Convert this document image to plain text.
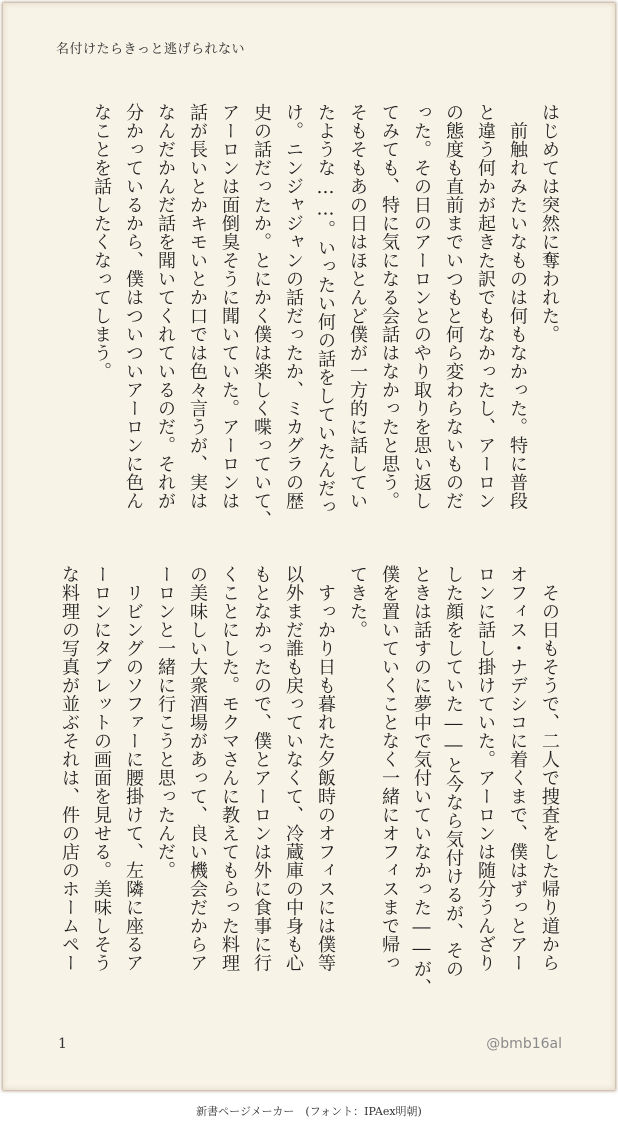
名付けたらきっと逃げられない
はじめては突然に奪われた。
　前触れみたいなものは何もなかった。特に普段
と違う何かが起きた訳でもなかったし、アーロン
の態度も直前までいつもと何ら変わらないものだ
った。その日のアーロンとのやり取りを思い返し
てみても、特に気になる会話はなかったと思う。
そもそもあの日はほとんど僕が一方的に話してい
たような……。いったい何の話をしていたんだっ
け。ニンジャジャンの話だったか、ミカグラの歴
史の話だったか。とにかく僕は楽しく喋っていて、
アーロンは面倒臭そうに聞いていた。アーロンは
話が長いとかキモいとか口では色々言うが、実は
なんだかんだ話を聞いてくれているのだ。それが
分かっているから、僕はついついアーロンに色ん
なことを話したくなってしまう。
　その日もそうで、二人で捜査をした帰り道から
オフィス・ナデシコに着くまで、僕はずっとアー
ロンに話し掛けていた。アーロンは随分うんざり
した顔をしていた――と今なら気付けるが、その
ときは話すのに夢中で気付いていなかった――が、
僕を置いていくことなく一緒にオフィスまで帰っ
てきた。
　すっかり日も暮れた夕飯時のオフィスには僕等
以外まだ誰も戻っていなくて、冷蔵庫の中身も心
もとなかったので、僕とアーロンは外に食事に行
くことにした。モクマさんに教えてもらった料理
の美味しい大衆酒場があって、良い機会だからア
ーロンと一緒に行こうと思ったんだ。
　リビングのソファーに腰掛けて、左隣に座るア
ーロンにタブレットの画面を見せる。美味しそう
な料理の写真が並ぶそれは、件の店のホームペー
1	@bmb16al
新書ページメーカー　(フォント：IPAex明朝)
